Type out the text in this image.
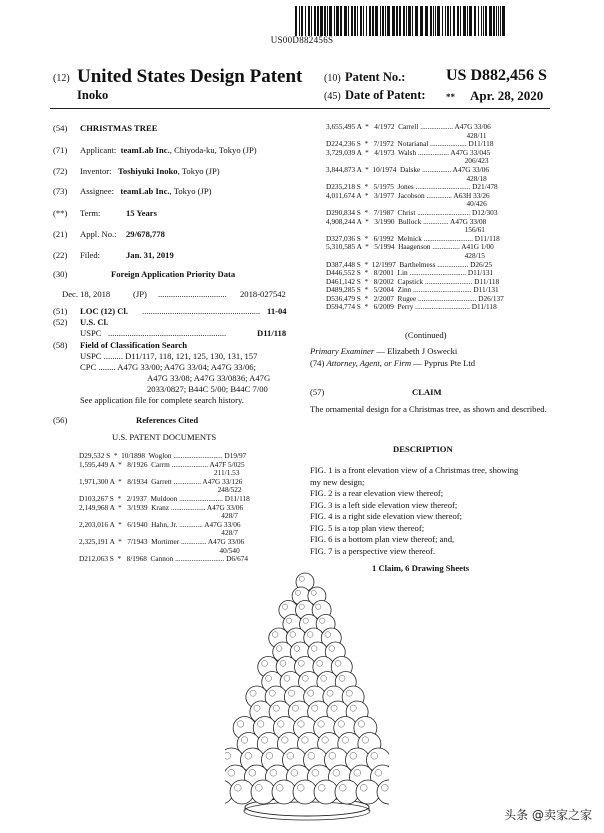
US00D882456S
(12) United States Design Patent (10) Patent No.:	US D882,456 S
Inoko	(45) Date of Patent: ** Apr. 28, 2020
(54) CHRISTMAS TREE
(71) Applicant: teamLab Inc., Chiyoda-ku, Tokyo (JP)
(72) Inventor: Toshiyuki Inoko, Tokyo (JP)
(73) Assignee: teamLab Inc., Tokyo (JP)
(**) Term:	15 Years
(21) Appl. No.: 29/678,778
(22) Filed:	Jan. 31, 2019
(30)	Foreign Application Priority Data
Dec. 18, 2018	(JP) ................................ 2018-027542
(51) LOC (12) Cl. ....................................................... 11-04
(52) U.S. Cl.
USPC .......................................................	D11/118
(58) Field of Classification Search
USPC ......... D11/117, 118, 121, 125, 130, 131, 157
CPC ........ A47G 33/00; A47G 33/04; A47G 33/06;
A47G 33/08; A47G 33/0836; A47G
2033/0827; B44C 5/00; B44C 7/00
See application file for complete search history.
(56)	References Cited
U.S. PATENT DOCUMENTS
D29,532 S  *  10/1898  Woglon ........................... D19/97
1,595,449 A  *   8/1926  Carrm .................... A47F 5/025
211/1.53
1,971,300 A  *   8/1934  Garrett ............... A47G 33/126
248/522
D103,267 S  *   2/1937  Muldoon ........................ D11/118
2,149,968 A  *   3/1939  Kranz ................... A47G 33/06
428/7
2,203,016 A  *   6/1940  Hahn, Jr. ............. A47G 33/06
428/7
2,325,191 A  *   7/1943  Mortimer .............. A47G 33/06
40/540
D212,063 S  *   8/1968  Cannon ........................... D6/674
3,655,495 A  *   4/1972  Carrell .................. A47G 33/06
428/11
D224,236 S  *   7/1972  Notarianal .................... D11/118
3,729,039 A  *   4/1973  Walsh ................. A47G 33/045
206/423
3,844,873 A  *  10/1974  Dalske ................ A47G 33/06
428/18
D235,218 S  *   5/1975  Jones .............................. D21/478
4,011,674 A  *   3/1977  Jacobson .............. A63H 33/26
40/426
D290,834 S  *   7/1987  Christ ............................. D12/303
4,908,244 A  *   3/1990  Bullock .............. A47G 33/08
156/61
D327,036 S  *   6/1992  Melnick ........................... D11/118
5,310,585 A  *   5/1994  Haagenson ............... A41G 1/00
428/15
D387,448 S  *  12/1997  Barthelmess ................. D26/25
D446,552 S  *   8/2001  Lin ............................... D11/131
D461,142 S  *   8/2002  Capstick .......................... D11/118
D489,285 S  *   5/2004  Zinn ................................ D11/131
D536,479 S  *   2/2007  Rugee ................................ D26/137
D594,774 S  *   6/2009  Perry .............................. D11/118
(Continued)
Primary Examiner — Elizabeth J Oswecki
(74) Attorney, Agent, or Firm — Pyprus Pte Ltd
(57)	CLAIM
The ornamental design for a Christmas tree, as shown and described.
DESCRIPTION
FIG. 1 is a front elevation view of a Christmas tree, showing
my new design;
FIG. 2 is a rear elevation view thereof;
FIG. 3 is a left side elevation view thereof;
FIG. 4 is a right side elevation view thereof;
FIG. 5 is a top plan view thereof;
FIG. 6 is a bottom plan view thereof; and,
FIG. 7 is a perspective view thereof.
1 Claim, 6 Drawing Sheets
头条 @卖家之家
